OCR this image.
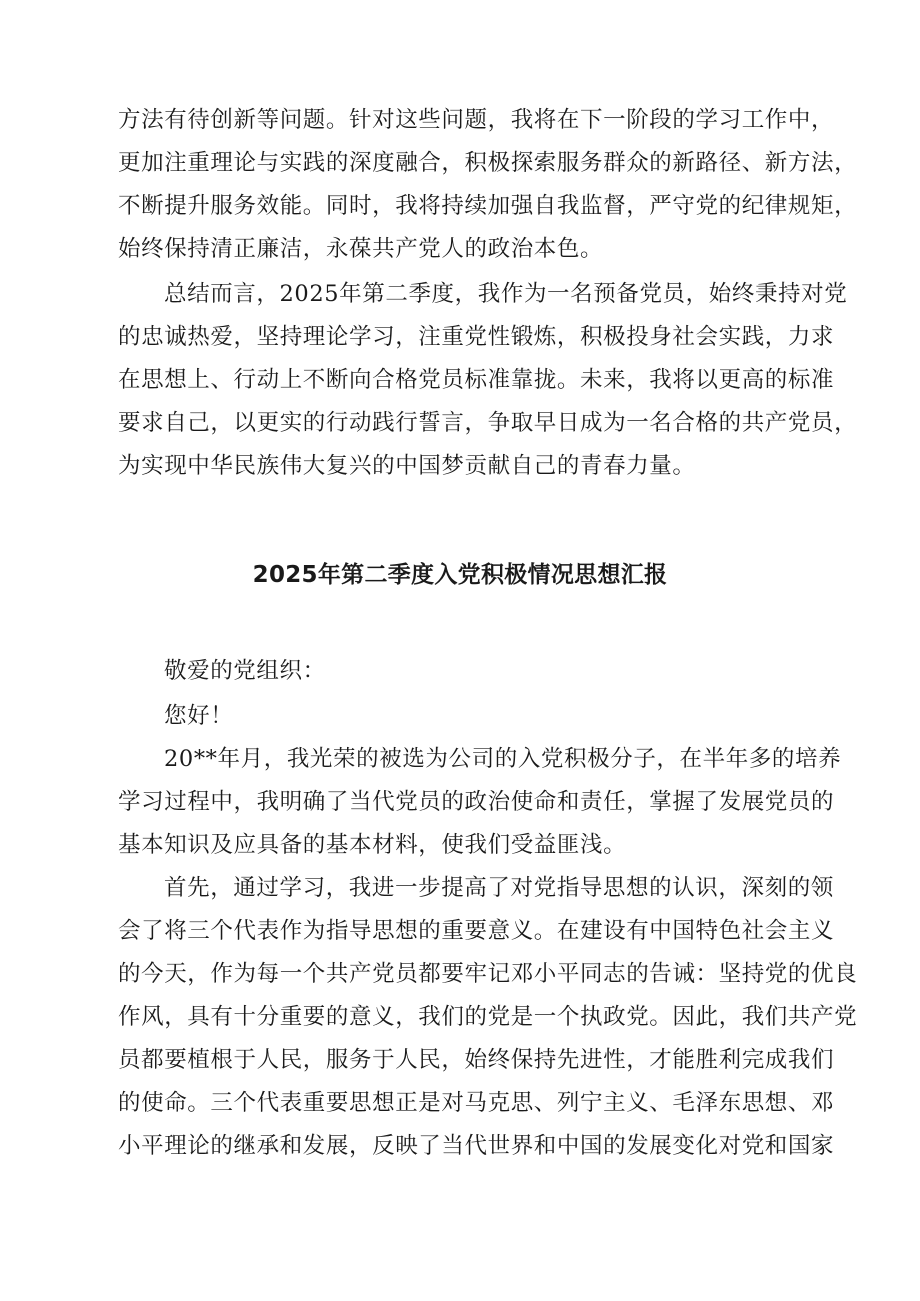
方法有待创新等问题。针对这些问题，我将在下一阶段的学习工作中，
更加注重理论与实践的深度融合，积极探索服务群众的新路径、新方法，
不断提升服务效能。同时，我将持续加强自我监督，严守党的纪律规矩，
始终保持清正廉洁，永葆共产党人的政治本色。
总结而言，2025年第二季度，我作为一名预备党员，始终秉持对党
的忠诚热爱，坚持理论学习，注重党性锻炼，积极投身社会实践，力求
在思想上、行动上不断向合格党员标准靠拢。未来，我将以更高的标准
要求自己，以更实的行动践行誓言，争取早日成为一名合格的共产党员，
为实现中华民族伟大复兴的中国梦贡献自己的青春力量。
2025年第二季度入党积极情况思想汇报
敬爱的党组织：
您好！
20**年月，我光荣的被选为公司的入党积极分子，在半年多的培养
学习过程中，我明确了当代党员的政治使命和责任，掌握了发展党员的
基本知识及应具备的基本材料，使我们受益匪浅。
首先，通过学习，我进一步提高了对党指导思想的认识，深刻的领
会了将三个代表作为指导思想的重要意义。在建设有中国特色社会主义
的今天，作为每一个共产党员都要牢记邓小平同志的告诫：坚持党的优良
作风，具有十分重要的意义，我们的党是一个执政党。因此，我们共产党
员都要植根于人民，服务于人民，始终保持先进性，才能胜利完成我们
的使命。三个代表重要思想正是对马克思、列宁主义、毛泽东思想、邓
小平理论的继承和发展，反映了当代世界和中国的发展变化对党和国家
